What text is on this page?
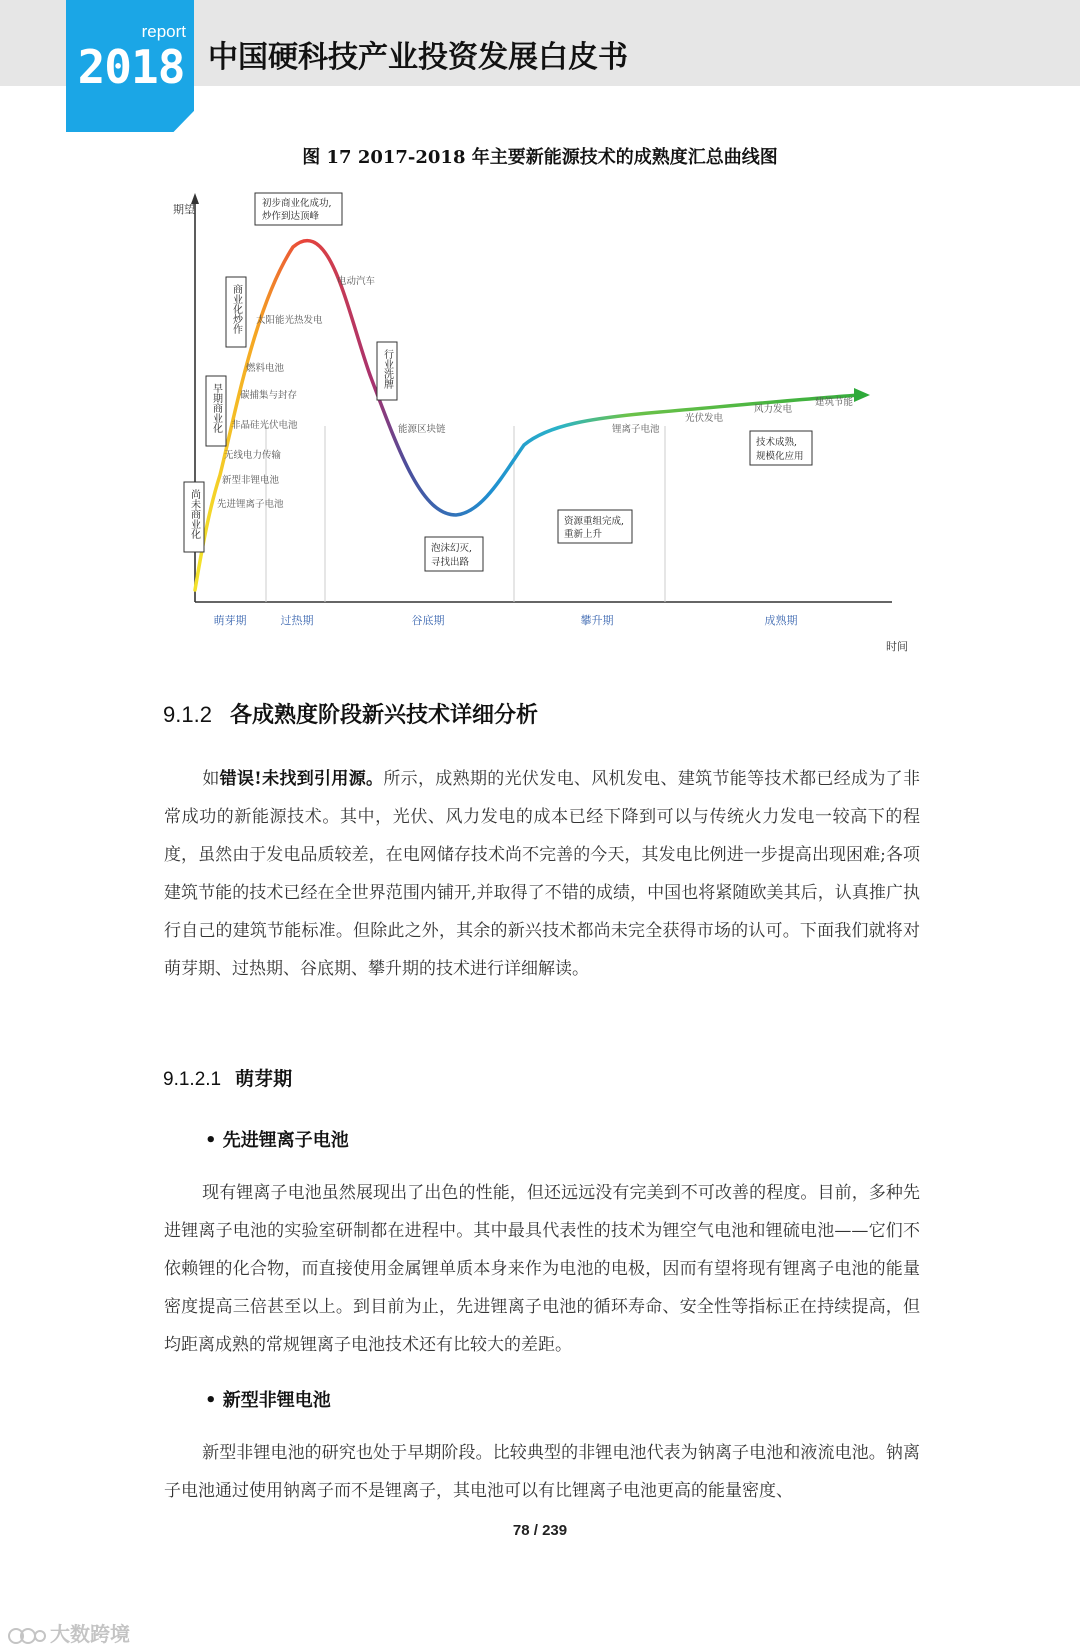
report
2018 中国硬科技产业投资发展白皮书
图 17 2017-2018 年主要新能源技术的成熟度汇总曲线图
期望
时间
萌芽期	过热期	谷底期	攀升期	成熟期
初步商业化成功,
炒作到达顶峰
商业化炒作
早期商业化
尚未商业化
行业洗牌
泡沫幻灭,
寻找出路
资源重组完成,
重新上升
技术成熟,
规模化应用
电动汽车
太阳能光热发电
燃料电池
碳捕集与封存
非晶硅光伏电池
无线电力传输
新型非锂电池
先进锂离子电池
能源区块链	锂离子电池
光伏发电
风力发电
建筑节能
9.1.2 各成熟度阶段新兴技术详细分析

如错误!未找到引用源。所示，成熟期的光伏发电、风机发电、建筑节能等技术都已经成为了非常成功的新能源技术。其中，光伏、风力发电的成本已经下降到可以与传统火力发电一较高下的程度，虽然由于发电品质较差，在电网储存技术尚不完善的今天，其发电比例进一步提高出现困难;各项建筑节能的技术已经在全世界范围内铺开,并取得了不错的成绩，中国也将紧随欧美其后，认真推广执行自己的建筑节能标准。但除此之外，其余的新兴技术都尚未完全获得市场的认可。下面我们就将对萌芽期、过热期、谷底期、攀升期的技术进行详细解读。

9.1.2.1 萌芽期
• 先进锂离子电池

现有锂离子电池虽然展现出了出色的性能，但还远远没有完美到不可改善的程度。目前，多种先进锂离子电池的实验室研制都在进程中。其中最具代表性的技术为锂空气电池和锂硫电池——它们不依赖锂的化合物，而直接使用金属锂单质本身来作为电池的电极，因而有望将现有锂离子电池的能量密度提高三倍甚至以上。到目前为止，先进锂离子电池的循环寿命、安全性等指标正在持续提高，但均距离成熟的常规锂离子电池技术还有比较大的差距。

• 新型非锂电池

新型非锂电池的研究也处于早期阶段。比较典型的非锂电池代表为钠离子电池和液流电池。钠离子电池通过使用钠离子而不是锂离子，其电池可以有比锂离子电池更高的能量密度、

78 / 239
大数跨境
